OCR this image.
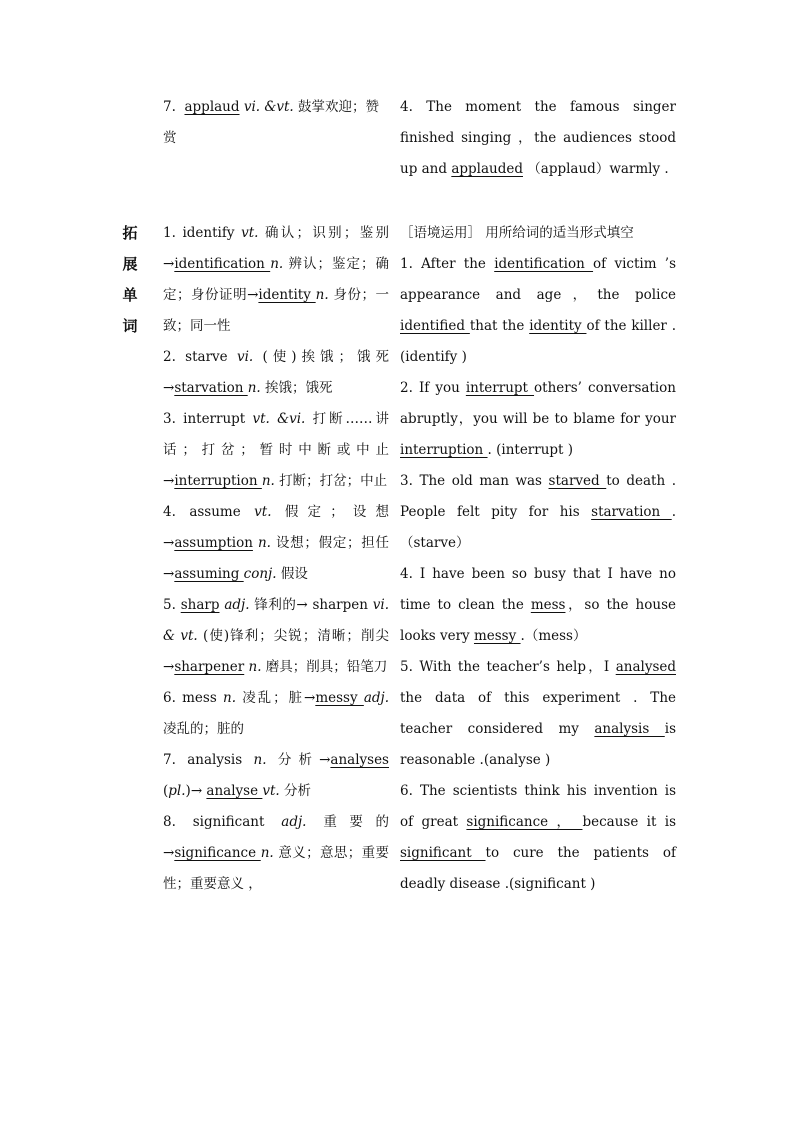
7. applaud vi. &vt. 鼓掌欢迎；赞赏

4. The moment the famous singer finished singing ，the audiences stood up and applauded （applaud）warmly .

拓
展
单
词

1. identify vt. 确认；识别；鉴别→identification n. 辨认；鉴定；确定；身份证明→identity n. 身份；一致；同一性

2. starve vi. (使)挨饿；饿死 →starvation n. 挨饿；饿死

3. interrupt vt. &vi. 打断……讲话；打岔；暂时中断或中止→interruption n. 打断；打岔；中止

4. assume vt. 假定；设想 →assumption n. 设想；假定；担任→assuming conj. 假设

5. sharp adj. 锋利的→ sharpen vi. & vt. (使)锋利；尖锐；清晰；削尖→sharpener n. 磨具；削具；铅笔刀

6. mess n. 凌乱；脏→messy adj. 凌乱的；脏的

7. analysis n. 分析→analyses (pl.)→ analyse vt. 分析

8. significant adj. 重要的→significance n. 意义；意思；重要性；重要意义 ，

［语境运用］ 用所给词的适当形式填空

1. After the identification of victim ’s appearance and age，the police identified that the identity of the killer .(identify )

2. If you interrupt others’ conversation abruptly，you will be to blame for your interruption . (interrupt )

3. The old man was starved to death . People felt pity for his starvation .（starve）

4. I have been so busy that I have no time to clean the mess，so the house looks very messy .（mess）

5. With the teacher’s help，I analysed the data of this experiment . The teacher considered my analysis is reasonable .(analyse )

6. The scientists think his invention is of great significance ， because it is significant to cure the patients of deadly disease .(significant )
